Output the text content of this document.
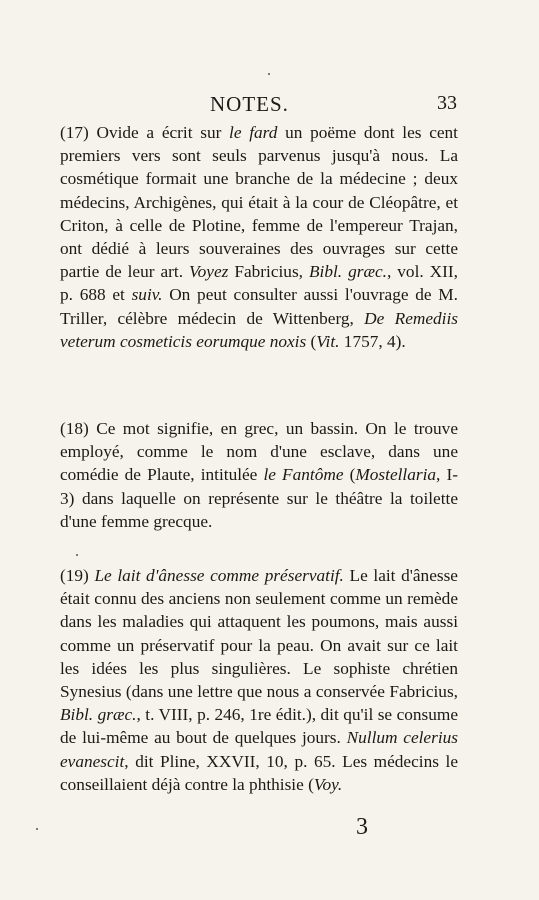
NOTES.	33

(17) Ovide a écrit sur le fard un poëme dont les cent premiers vers sont seuls parvenus jusqu'à nous. La cosmétique formait une branche de la médecine ; deux médecins, Archigènes, qui était à la cour de Cléopâtre, et Criton, à celle de Plotine, femme de l'empereur Trajan, ont dédié à leurs souveraines des ouvrages sur cette partie de leur art. Voyez Fabricius, Bibl. græc., vol. XII, p. 688 et suiv. On peut consulter aussi l'ouvrage de M. Triller, célèbre médecin de Wittenberg, De Remediis veterum cosmeticis eorumque noxis (Vit. 1757, 4).

(18) Ce mot signifie, en grec, un bassin. On le trouve employé, comme le nom d'une esclave, dans une comédie de Plaute, intitulée le Fantôme (Mostellaria, I-3) dans laquelle on représente sur le théâtre la toilette d'une femme grecque.

(19) Le lait d'ânesse comme préservatif. Le lait d'ânesse était connu des anciens non seulement comme un remède dans les maladies qui attaquent les poumons, mais aussi comme un préservatif pour la peau. On avait sur ce lait les idées les plus singulières. Le sophiste chrétien Synesius (dans une lettre que nous a conservée Fabricius, Bibl. græc., t. VIII, p. 246, 1re édit.), dit qu'il se consume de lui-même au bout de quelques jours. Nullum celerius evanescit, dit Pline, XXVII, 10, p. 65. Les médecins le conseillaient déjà contre la phthisie (Voy.

3
